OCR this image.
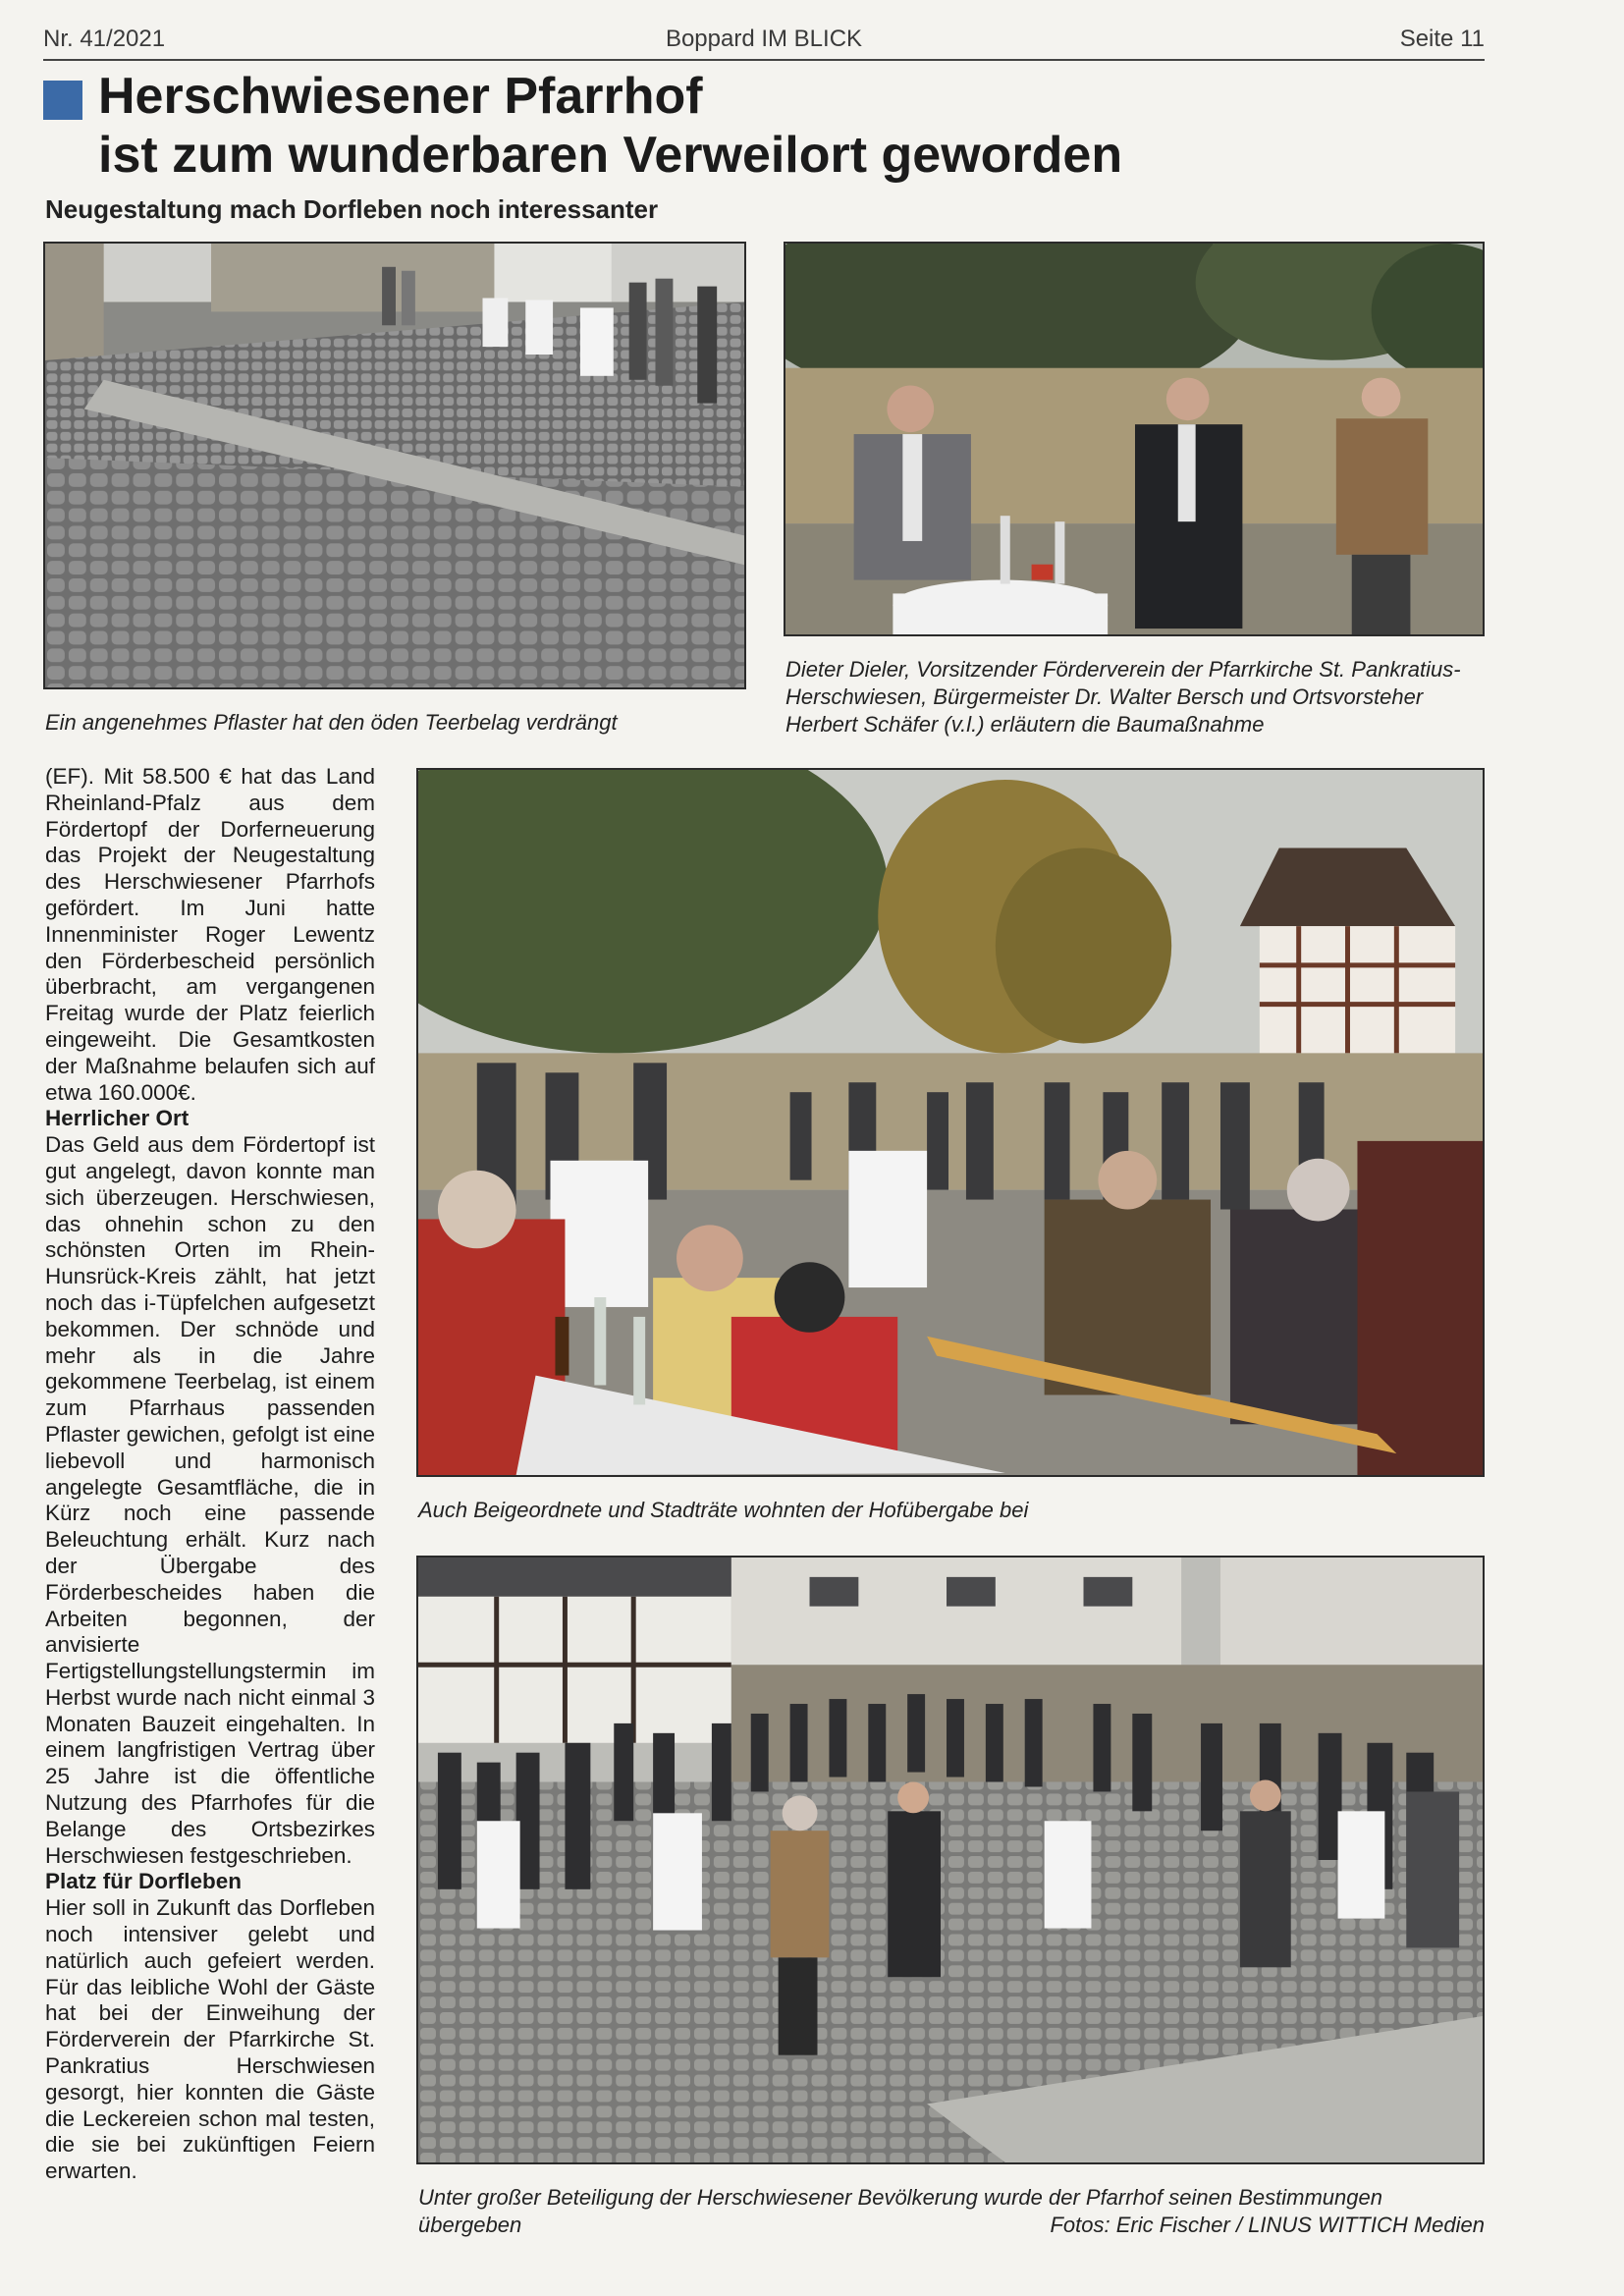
Nr. 41/2021	Boppard IM BLICK	Seite 11
Herschwiesener Pfarrhof
ist zum wunderbaren Verweilort geworden
Neugestaltung mach Dorfleben noch interessanter
Ein angenehmes Pflaster hat den öden Teerbelag verdrängt
Dieter Dieler, Vorsitzender Förderverein der Pfarrkirche St. Pankratius-Herschwiesen, Bürgermeister Dr. Walter Bersch und Ortsvorsteher Herbert Schäfer (v.l.) erläutern die Baumaßnahme

(EF). Mit 58.500 € hat das Land Rheinland-Pfalz aus dem Fördertopf der Dorferneuerung das Projekt der Neugestaltung des Herschwiesener Pfarrhofs gefördert. Im Juni hatte Innenminister Roger Lewentz den Förderbescheid persönlich überbracht, am vergangenen Freitag wurde der Platz feierlich eingeweiht. Die Gesamtkosten der Maßnahme belaufen sich auf etwa 160.000€.

Herrlicher Ort

Das Geld aus dem Fördertopf ist gut angelegt, davon konnte man sich überzeugen. Herschwiesen, das ohnehin schon zu den schönsten Orten im Rhein-Hunsrück-Kreis zählt, hat jetzt noch das i-Tüpfelchen aufgesetzt bekommen. Der schnöde und mehr als in die Jahre gekommene Teerbelag, ist einem zum Pfarrhaus passenden Pflaster gewichen, gefolgt ist eine liebevoll und harmonisch angelegte Gesamtfläche, die in Kürz noch eine passende Beleuchtung erhält. Kurz nach der Übergabe des Förderbescheides haben die Arbeiten begonnen, der anvisierte Fertigstellungstellungstermin im Herbst wurde nach nicht einmal 3 Monaten Bauzeit eingehalten. In einem langfristigen Vertrag über 25 Jahre ist die öffentliche Nutzung des Pfarrhofes für die Belange des Ortsbezirkes Herschwiesen festgeschrieben.

Platz für Dorfleben

Hier soll in Zukunft das Dorfleben noch intensiver gelebt und natürlich auch gefeiert werden. Für das leibliche Wohl der Gäste hat bei der Einweihung der Förderverein der Pfarrkirche St. Pankratius Herschwiesen gesorgt, hier konnten die Gäste die Leckereien schon mal testen, die sie bei zukünftigen Feiern erwarten.

Auch Beigeordnete und Stadträte wohnten der Hofübergabe bei

Unter großer Beteiligung der Herschwiesener Bevölkerung wurde der Pfarrhof seinen Bestimmungen übergeben	Fotos: Eric Fischer / LINUS WITTICH Medien
